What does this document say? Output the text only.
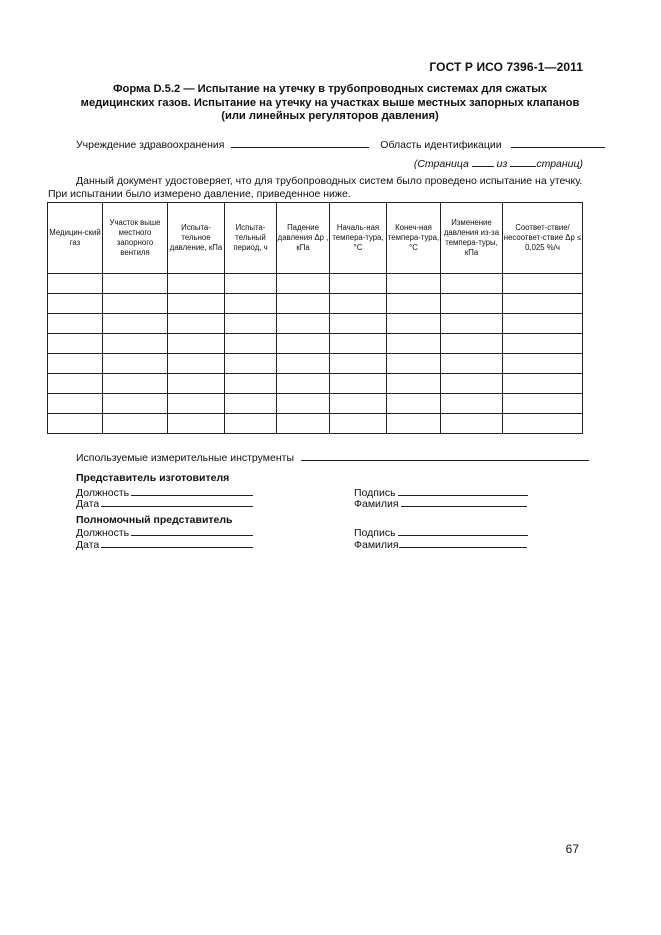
ГОСТ Р ИСО 7396-1—2011
Форма D.5.2 — Испытание на утечку в трубопроводных системах для сжатых медицинских газов. Испытание на утечку на участках выше местных запорных клапанов (или линейных регуляторов давления)
Учреждение здравоохранения	Область идентификации
(Страница	из	страниц)
Данный документ удостоверяет, что для трубопроводных систем было проведено испытание на утечку. При испытании было измерено давление, приведенное ниже.
Медицин-ский газ	Участок выше местного запорного вентиля	Испыта-тельное давление, кПа	Испыта-тельный период, ч	Падение давления Δp , кПа	Началь-ная темпера-тура, °С	Конеч-ная темпера-тура, °С	Изменение давления из-за темпера-туры, кПа	Соответ-ствие/ несоответ-ствие Δp ≤ 0,025 %/ч

Используемые измерительные инструменты
Представитель изготовителя
Должность
Дата
Подпись
Фамилия
Полномочный представитель
Должность
Дата
Подпись
Фамилия
67
